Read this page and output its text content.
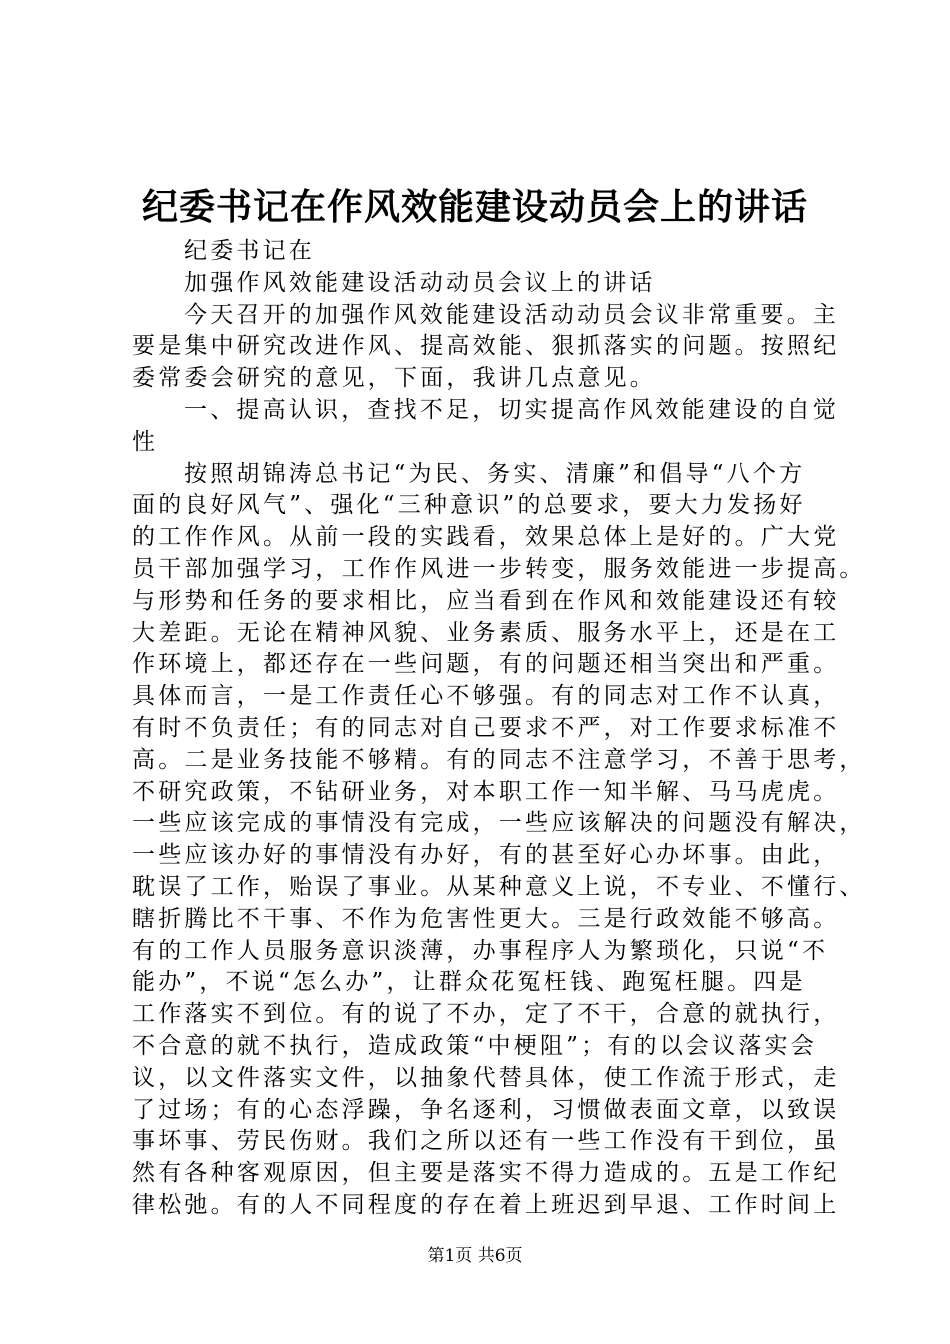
纪委书记在作风效能建设动员会上的讲话

纪委书记在

加强作风效能建设活动动员会议上的讲话

今天召开的加强作风效能建设活动动员会议非常重要。主
要是集中研究改进作风、提高效能、狠抓落实的问题。按照纪
委常委会研究的意见，下面，我讲几点意见。

一、提高认识，查找不足，切实提高作风效能建设的自觉
性

按照胡锦涛总书记“为民、务实、清廉”和倡导“八个方
面的良好风气”、强化“三种意识”的总要求，要大力发扬好
的工作作风。从前一段的实践看，效果总体上是好的。广大党
员干部加强学习，工作作风进一步转变，服务效能进一步提高。
与形势和任务的要求相比，应当看到在作风和效能建设还有较
大差距。无论在精神风貌、业务素质、服务水平上，还是在工
作环境上，都还存在一些问题，有的问题还相当突出和严重。
具体而言，一是工作责任心不够强。有的同志对工作不认真，
有时不负责任；有的同志对自己要求不严，对工作要求标准不
高。二是业务技能不够精。有的同志不注意学习，不善于思考，
不研究政策，不钻研业务，对本职工作一知半解、马马虎虎。
一些应该完成的事情没有完成，一些应该解决的问题没有解决，
一些应该办好的事情没有办好，有的甚至好心办坏事。由此，
耽误了工作，贻误了事业。从某种意义上说，不专业、不懂行、
瞎折腾比不干事、不作为危害性更大。三是行政效能不够高。
有的工作人员服务意识淡薄，办事程序人为繁琐化，只说“不
能办”，不说“怎么办”，让群众花冤枉钱、跑冤枉腿。四是
工作落实不到位。有的说了不办，定了不干，合意的就执行，
不合意的就不执行，造成政策“中梗阻”；有的以会议落实会
议，以文件落实文件，以抽象代替具体，使工作流于形式，走
了过场；有的心态浮躁，争名逐利，习惯做表面文章，以致误
事坏事、劳民伤财。我们之所以还有一些工作没有干到位，虽
然有各种客观原因，但主要是落实不得力造成的。五是工作纪
律松弛。有的人不同程度的存在着上班迟到早退、工作时间上

第1页 共6页
